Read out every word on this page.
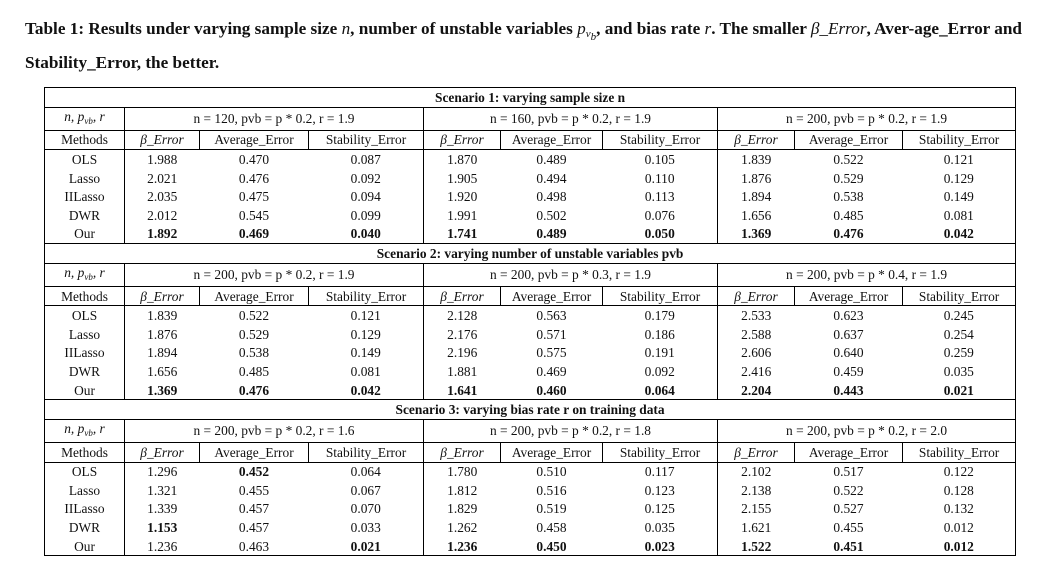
Table 1: Results under varying sample size n, number of unstable variables $p_{v_b}$, and bias rate r. The smaller β_Error, Aver-age_Error and Stability_Error, the better.
Scenario 1: varying sample size n									
n, $p_{vb}$, r	n = 120, pvb = p * 0.2, r = 1.9			n = 160, pvb = p * 0.2, r = 1.9			n = 200, pvb = p * 0.2, r = 1.9		
Methods	β_Error	Average_Error	Stability_Error	β_Error	Average_Error	Stability_Error	β_Error	Average_Error	Stability_Error
OLS	1.988	0.470	0.087	1.870	0.489	0.105	1.839	0.522	0.121
Lasso	2.021	0.476	0.092	1.905	0.494	0.110	1.876	0.529	0.129
IILasso	2.035	0.475	0.094	1.920	0.498	0.113	1.894	0.538	0.149
DWR	2.012	0.545	0.099	1.991	0.502	0.076	1.656	0.485	0.081
Our	1.892	0.469	0.040	1.741	0.489	0.050	1.369	0.476	0.042
Scenario 2: varying number of unstable variables pvb									
n, $p_{vb}$, r	n = 200, pvb = p * 0.2, r = 1.9			n = 200, pvb = p * 0.3, r = 1.9			n = 200, pvb = p * 0.4, r = 1.9		
Methods	β_Error	Average_Error	Stability_Error	β_Error	Average_Error	Stability_Error	β_Error	Average_Error	Stability_Error
OLS	1.839	0.522	0.121	2.128	0.563	0.179	2.533	0.623	0.245
Lasso	1.876	0.529	0.129	2.176	0.571	0.186	2.588	0.637	0.254
IILasso	1.894	0.538	0.149	2.196	0.575	0.191	2.606	0.640	0.259
DWR	1.656	0.485	0.081	1.881	0.469	0.092	2.416	0.459	0.035
Our	1.369	0.476	0.042	1.641	0.460	0.064	2.204	0.443	0.021
Scenario 3: varying bias rate r on training data									
n, $p_{vb}$, r	n = 200, pvb = p * 0.2, r = 1.6			n = 200, pvb = p * 0.2, r = 1.8			n = 200, pvb = p * 0.2, r = 2.0		
Methods	β_Error	Average_Error	Stability_Error	β_Error	Average_Error	Stability_Error	β_Error	Average_Error	Stability_Error
OLS	1.296	0.452	0.064	1.780	0.510	0.117	2.102	0.517	0.122
Lasso	1.321	0.455	0.067	1.812	0.516	0.123	2.138	0.522	0.128
IILasso	1.339	0.457	0.070	1.829	0.519	0.125	2.155	0.527	0.132
DWR	1.153	0.457	0.033	1.262	0.458	0.035	1.621	0.455	0.012
Our	1.236	0.463	0.021	1.236	0.450	0.023	1.522	0.451	0.012
